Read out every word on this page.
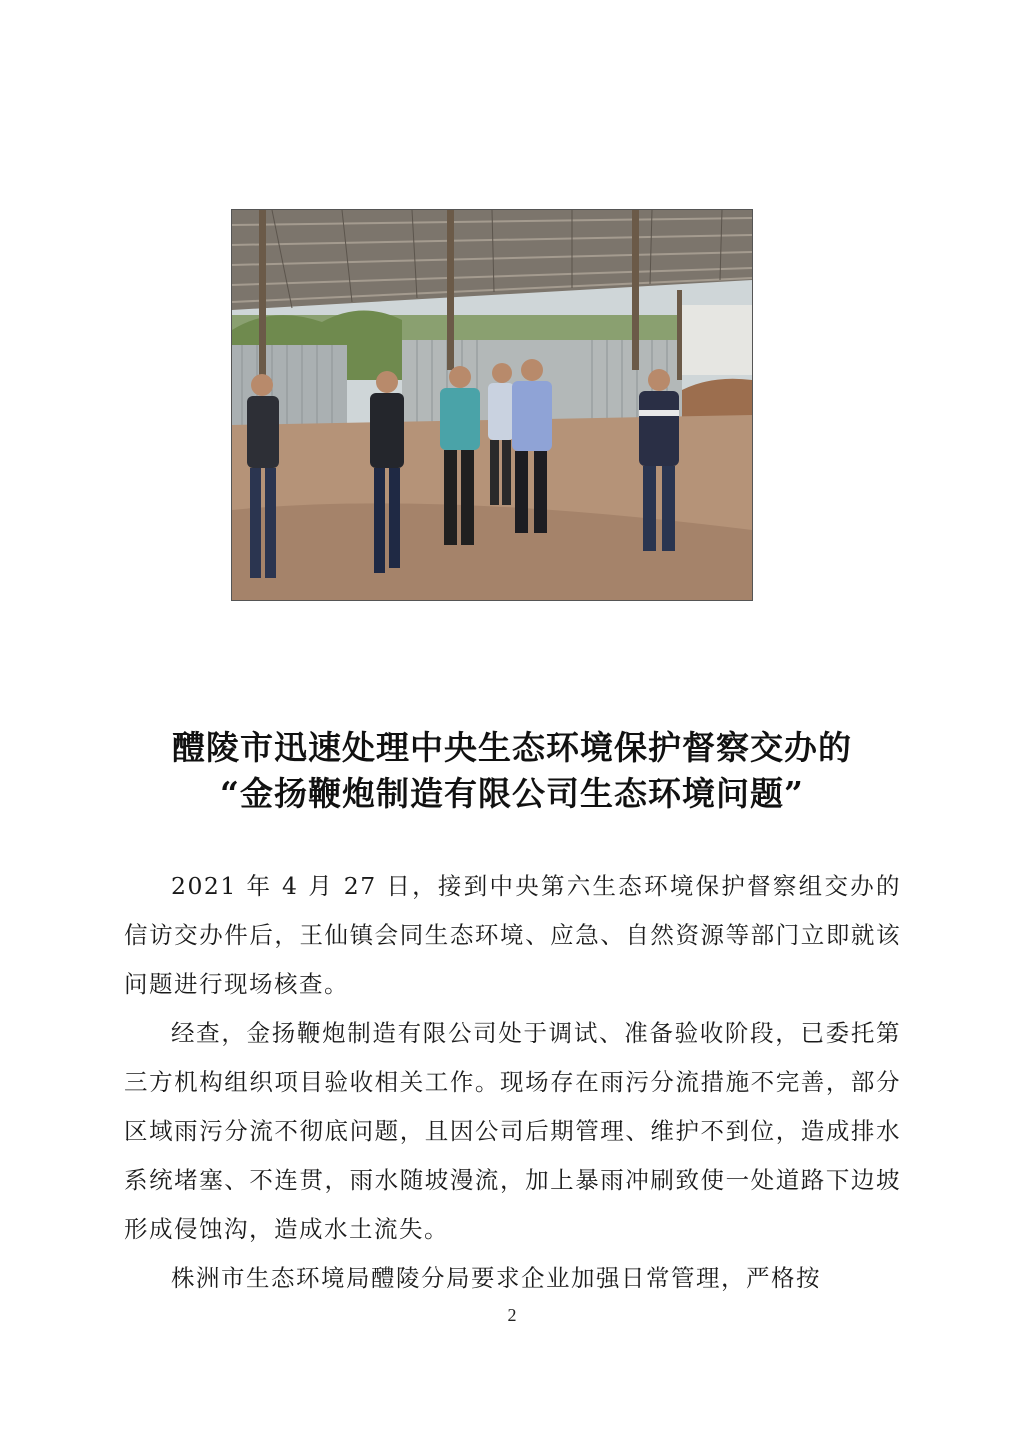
醴陵市迅速处理中央生态环境保护督察交办的
“金扬鞭炮制造有限公司生态环境问题”

2021 年 4 月 27 日，接到中央第六生态环境保护督察组交办的信访交办件后，王仙镇会同生态环境、应急、自然资源等部门立即就该问题进行现场核查。

经查，金扬鞭炮制造有限公司处于调试、准备验收阶段，已委托第三方机构组织项目验收相关工作。现场存在雨污分流措施不完善，部分区域雨污分流不彻底问题，且因公司后期管理、维护不到位，造成排水系统堵塞、不连贯，雨水随坡漫流，加上暴雨冲刷致使一处道路下边坡形成侵蚀沟，造成水土流失。

株洲市生态环境局醴陵分局要求企业加强日常管理，严格按

2
